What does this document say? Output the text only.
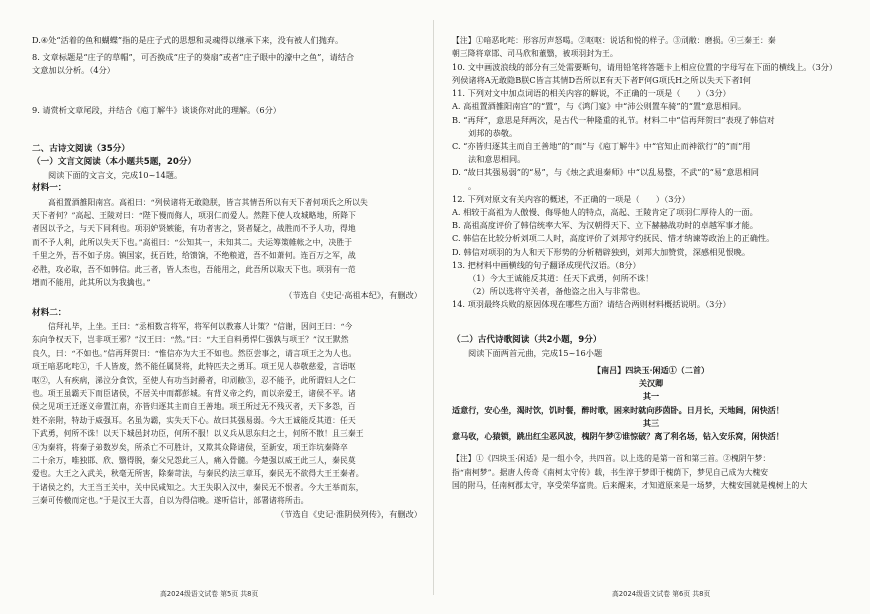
D.④处“活着的鱼和蝴蝶”指的是庄子式的思想和灵魂得以继承下来，没有被人们抛弃。

8. 文章标题是“庄子的草帽”，可否换成“庄子的葵扇”或者“庄子眼中的濠中之鱼”，请结合

文意加以分析。（4分）

9. 请赏析文章尾段，并结合《庖丁解牛》谈谈你对此的理解。（6分）

二、古诗文阅读（35分）

（一）文言文阅读（本小题共5题，20分）

阅读下面的文言文，完成10~14题。

材料一：

高祖置酒雒阳南宫。高祖曰：“列侯诸将无敢隐朕，皆言其情吾所以有天下者何项氏之所以失

天下者何？”高起、王陵对曰：“陛下慢而侮人，项羽仁而爱人。然陛下使人攻城略地，所降下

者因以予之，与天下同利也。项羽妒贤嫉能，有功者害之，贤者疑之，战胜而不予人功，得地

而不予人利，此所以失天下也。”高祖曰：“公知其一，未知其二。夫运筹策帷帐之中，决胜于

千里之外，吾不如子房。镇国家，抚百姓，给馈饷，不绝粮道，吾不如萧何。连百万之军，战

必胜，攻必取，吾不如韩信。此三者，皆人杰也，吾能用之，此吾所以取天下也。项羽有一范

增而不能用，此其所以为我擒也。”

（节选自《史记·高祖本纪》，有删改）

材料二：

信拜礼毕，上坐。王曰：“丞相数言将军，将军何以教寡人计策？”信谢，因问王曰：“今

东向争权天下，岂非项王邪？”汉王曰：“然。”曰：“大王自料勇悍仁强孰与项王？”汉王默然

良久，曰：“不如也。”信再拜贺曰：“惟信亦为大王不如也。然臣尝事之，请言项王之为人也。

项王喑恶叱咤①，千人皆废，然不能任属贤将，此特匹夫之勇耳。项王见人恭敬慈爱，言语呕

呕②，人有疾病，涕泣分食饮，至使人有功当封爵者，印刓敝③，忍不能予，此所谓妇人之仁

也。项王虽霸天下而臣诸侯，不居关中而都彭城。有背义帝之约，而以亲爱王，诸侯不平。诸

侯之见项王迁逐义帝置江南，亦皆归逐其主而自王善地。项王所过无不残灭者，天下多怨，百

姓不亲附，特劫于威强耳。名虽为霸，实失天下心。故曰其强易弱。今大王诚能反其道：任天

下武勇，何所不诛！以天下城邑封功臣，何所不服！以义兵从思东归之士，何所不散！且三秦王

④为秦将，将秦子弟数岁矣，所杀亡不可胜计，又欺其众降诸侯，至新安，项王诈坑秦降卒

二十余万，唯独邯、欣、翳得脱，秦父兄怨此三人，痛入骨髓。今楚强以威王此三人，秦民莫

爱也。大王之入武关，秋毫无所害，除秦苛法，与秦民约法三章耳，秦民无不欲得大王王秦者。

于诸侯之约，大王当王关中，关中民咸知之。大王失职入汉中，秦民无不恨者。今大王举而东，

三秦可传檄而定也。”于是汉王大喜，自以为得信晚。遂听信计，部署诸将所击。

（节选自《史记·淮阴侯列传》，有删改）

【注】①喑恶叱咤：形容厉声怒喝。②呕呕：说话和悦的样子。③刓敝：磨损。④三秦王：秦

朝三降将章邯、司马欣和董翳，被项羽封为王。

10. 文中画波浪线的部分有三处需要断句，请用铅笔将答题卡上相应位置的字母写在下面的横线上。（3分）

列侯诸将A无敢隐B朕C皆言其情D吾所以E有天下者F何G项氏H之所以失天下者I何

11. 下列对文中加点词语的相关内容的解说，不正确的一项是（　　）（3分）

A. 高祖置酒雒阳南宫”的“置”，与《鸿门宴》中“沛公则置车骑”的“置”意思相同。

B. “再拜”，意思是拜两次，是古代一种隆重的礼节。材料二中“信再拜贺曰”表现了韩信对

刘邦的恭敬。

C. “亦皆归逐其主而自王善地”的“而”与《庖丁解牛》中“官知止而神欲行”的“而”用

法和意思相同。

D. “故曰其强易弱”的“易”，与《烛之武退秦师》中“以乱易整，不武”的“易”意思相同

。

12. 下列对原文有关内容的概述，不正确的一项是（　　）（3分）

A. 相较于高祖为人傲慢、侮辱他人的特点，高起、王陵肯定了项羽仁厚待人的一面。

B. 高祖高度评价了韩信统率大军、为汉朝得天下、立下赫赫战功时的卓越军事才能。

C. 韩信在比较分析刘项二人时，高度评价了刘邦守约抚民、惜才纳谏等政治上的正确性。

D. 韩信对项羽的为人和天下形势的分析精辟独到，刘邦大加赞赏，深感相见恨晚。

13. 把材料中画横线的句子翻译成现代汉语。（8分）

（1）今大王诚能反其道：任天下武勇，何所不诛！

（2）所以选将守关者，备他盗之出入与非常也。

14. 项羽最终兵败的原因体现在哪些方面？请结合两则材料概括说明。（3分）

（二）古代诗歌阅读（共2小题，9分）

阅读下面两首元曲，完成15~16小题

【南吕】四块玉·闲适①（二首）

关汉卿

其一

适意行，安心坐，渴时饮，饥时餐，醉时歌，困来时就向莎茵卧。日月长，天地阔，闲快活！

其三

意马收，心猿锁，跳出红尘恶风波，槐阴午梦②谁惊破？离了利名场，钻入安乐窝，闲快活！

【注】①《四块玉·闲适》是一组小令，共四首。以上选的是第一首和第三首。②槐阴午梦：

指“南柯梦”。据唐人传奇《南柯太守传》载，书生淳于梦即于槐荫下，梦见自己成为大槐安

国的附马，任南柯郡太守，享受荣华富贵。后来醒来，才知道原来是一场梦，大槐安国就是槐树上的大

高2024级语文试卷 第5页 共8页	高2024级语文试卷 第6页 共8页
